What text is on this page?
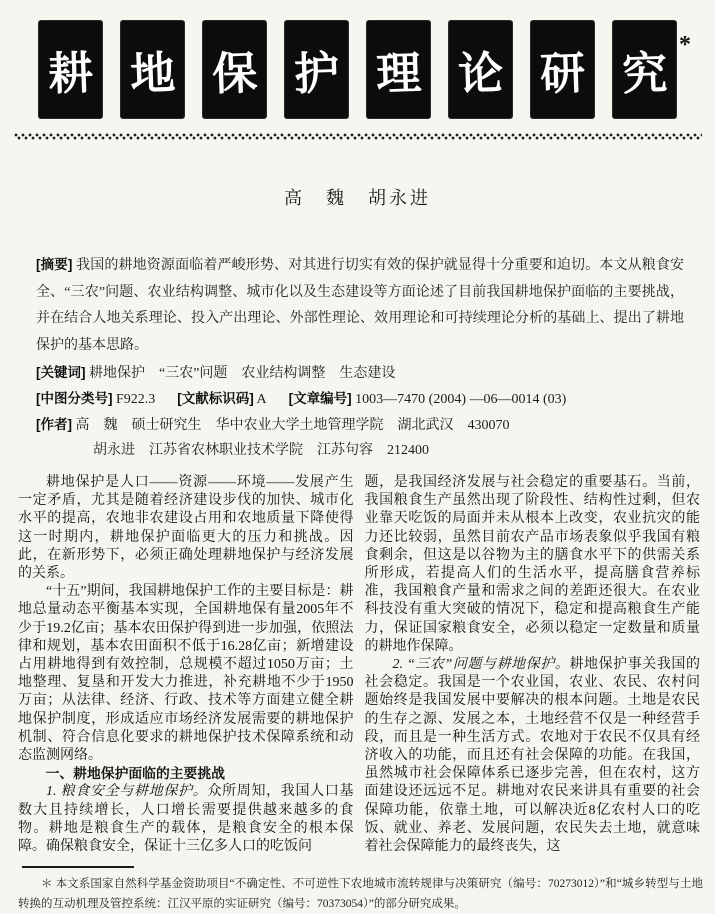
耕 地 保 护 理 论 研 究
*
高　魏　胡永进

[摘要] 我国的耕地资源面临着严峻形势、对其进行切实有效的保护就显得十分重要和迫切。本文从粮食安全、“三农”问题、农业结构调整、城市化以及生态建设等方面论述了目前我国耕地保护面临的主要挑战，并在结合人地关系理论、投入产出理论、外部性理论、效用理论和可持续理论分析的基础上、提出了耕地保护的基本思路。

[关键词] 耕地保护　“三农”问题　农业结构调整　生态建设
[中图分类号] F922.3 [文献标识码] A [文章编号] 1003—7470 (2004) —06—0014 (03)
[作者] 高　魏　硕士研究生　华中农业大学土地管理学院　湖北武汉　430070
胡永进　江苏省农林职业技术学院　江苏句容　212400

耕地保护是人口——资源——环境——发展产生一定矛盾，尤其是随着经济建设步伐的加快、城市化水平的提高，农地非农建设占用和农地质量下降使得这一时期内，耕地保护面临更大的压力和挑战。因此，在新形势下，必须正确处理耕地保护与经济发展的关系。

“十五”期间，我国耕地保护工作的主要目标是：耕地总量动态平衡基本实现，全国耕地保有量2005年不少于19.2亿亩；基本农田保护得到进一步加强，依照法律和规划，基本农田面积不低于16.28亿亩；新增建设占用耕地得到有效控制，总规模不超过1050万亩；土地整理、复垦和开发大力推进，补充耕地不少于1950万亩；从法律、经济、行政、技术等方面建立健全耕地保护制度，形成适应市场经济发展需要的耕地保护机制、符合信息化要求的耕地保护技术保障系统和动态监测网络。

一、耕地保护面临的主要挑战

1. 粮食安全与耕地保护。众所周知，我国人口基数大且持续增长，人口增长需要提供越来越多的食物。耕地是粮食生产的载体，是粮食安全的根本保障。确保粮食安全，保证十三亿多人口的吃饭问

题，是我国经济发展与社会稳定的重要基石。当前，我国粮食生产虽然出现了阶段性、结构性过剩，但农业靠天吃饭的局面并未从根本上改变，农业抗灾的能力还比较弱，虽然目前农产品市场表象似乎我国有粮食剩余，但这是以谷物为主的膳食水平下的供需关系所形成，若提高人们的生活水平，提高膳食营养标准，我国粮食产量和需求之间的差距还很大。在农业科技没有重大突破的情况下，稳定和提高粮食生产能力，保证国家粮食安全，必须以稳定一定数量和质量的耕地作保障。

2. “三农”问题与耕地保护。耕地保护事关我国的社会稳定。我国是一个农业国，农业、农民、农村问题始终是我国发展中要解决的根本问题。土地是农民的生存之源、发展之本，土地经营不仅是一种经营手段，而且是一种生活方式。农地对于农民不仅具有经济收入的功能，而且还有社会保障的功能。在我国，虽然城市社会保障体系已逐步完善，但在农村，这方面建设还远远不足。耕地对农民来讲具有重要的社会保障功能，依靠土地，可以解决近8亿农村人口的吃饭、就业、养老、发展问题，农民失去土地，就意味着社会保障能力的最终丧失，这

＊ 本文系国家自然科学基金资助项目“不确定性、不可逆性下农地城市流转规律与决策研究（编号：70273012）”和“城乡转型与土地转换的互动机理及管控系统：江汉平原的实证研究（编号：70373054）”的部分研究成果。
